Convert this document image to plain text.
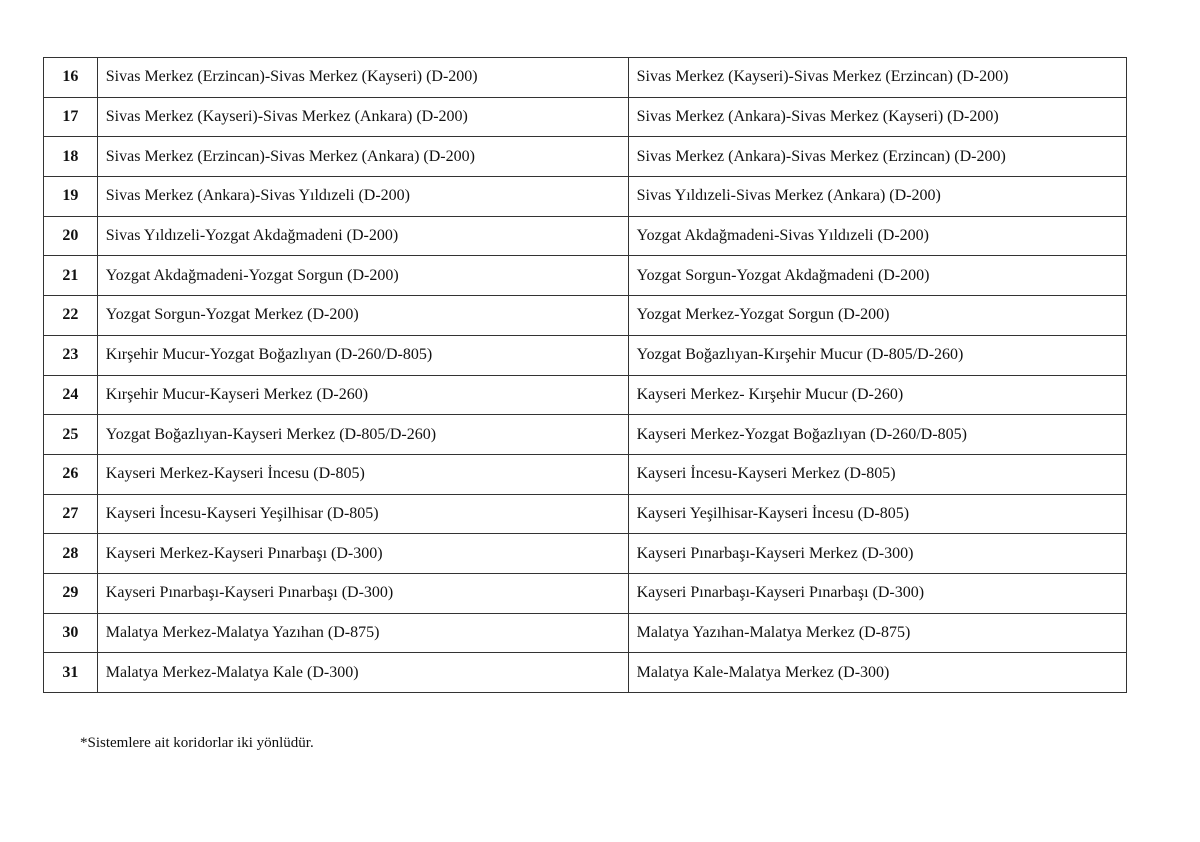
16	Sivas Merkez (Erzincan)-Sivas Merkez (Kayseri) (D-200)	Sivas Merkez (Kayseri)-Sivas Merkez (Erzincan) (D-200)
17	Sivas Merkez (Kayseri)-Sivas Merkez (Ankara) (D-200)	Sivas Merkez (Ankara)-Sivas Merkez (Kayseri) (D-200)
18	Sivas Merkez (Erzincan)-Sivas Merkez (Ankara) (D-200)	Sivas Merkez (Ankara)-Sivas Merkez (Erzincan) (D-200)
19	Sivas Merkez (Ankara)-Sivas Yıldızeli (D-200)	Sivas Yıldızeli-Sivas Merkez (Ankara) (D-200)
20	Sivas Yıldızeli-Yozgat Akdağmadeni (D-200)	Yozgat Akdağmadeni-Sivas Yıldızeli (D-200)
21	Yozgat Akdağmadeni-Yozgat Sorgun (D-200)	Yozgat Sorgun-Yozgat Akdağmadeni (D-200)
22	Yozgat Sorgun-Yozgat Merkez (D-200)	Yozgat Merkez-Yozgat Sorgun (D-200)
23	Kırşehir Mucur-Yozgat Boğazlıyan (D-260/D-805)	Yozgat Boğazlıyan-Kırşehir Mucur (D-805/D-260)
24	Kırşehir Mucur-Kayseri Merkez (D-260)	Kayseri Merkez- Kırşehir Mucur (D-260)
25	Yozgat Boğazlıyan-Kayseri Merkez (D-805/D-260)	Kayseri Merkez-Yozgat Boğazlıyan (D-260/D-805)
26	Kayseri Merkez-Kayseri İncesu (D-805)	Kayseri İncesu-Kayseri Merkez (D-805)
27	Kayseri İncesu-Kayseri Yeşilhisar (D-805)	Kayseri Yeşilhisar-Kayseri İncesu (D-805)
28	Kayseri Merkez-Kayseri Pınarbaşı (D-300)	Kayseri Pınarbaşı-Kayseri Merkez (D-300)
29	Kayseri Pınarbaşı-Kayseri Pınarbaşı (D-300)	Kayseri Pınarbaşı-Kayseri Pınarbaşı (D-300)
30	Malatya Merkez-Malatya Yazıhan (D-875)	Malatya Yazıhan-Malatya Merkez (D-875)
31	Malatya Merkez-Malatya Kale (D-300)	Malatya Kale-Malatya Merkez (D-300)
*Sistemlere ait koridorlar iki yönlüdür.
